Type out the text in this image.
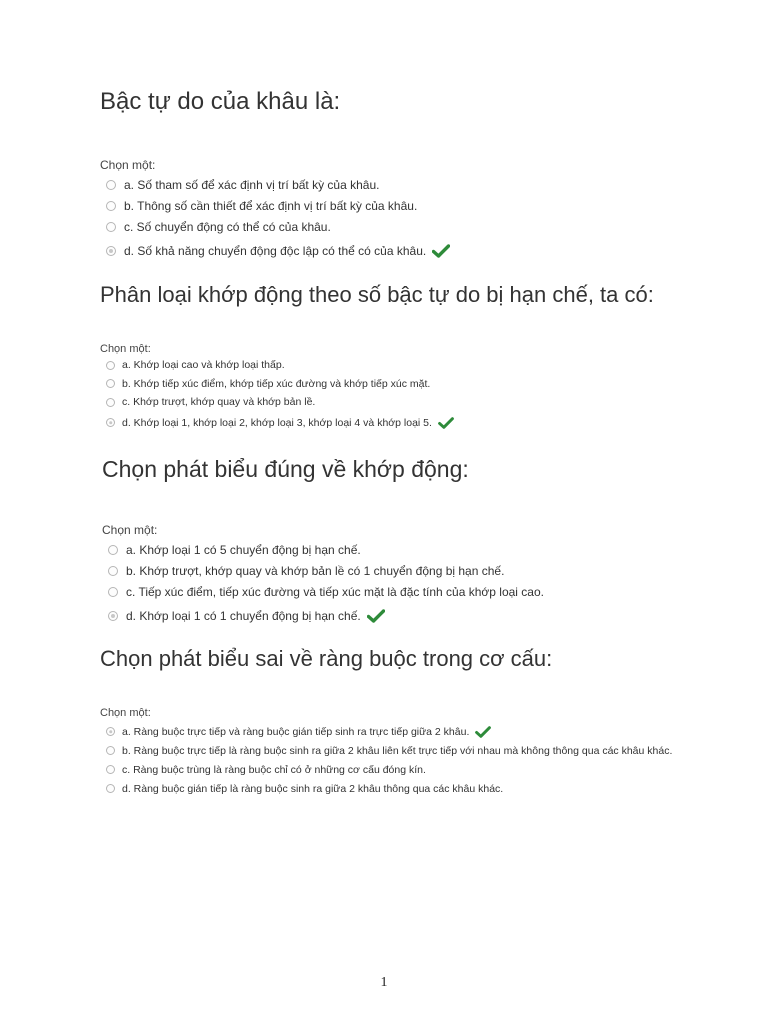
Bậc tự do của khâu là:
Chọn một:
a. Số tham số để xác định vị trí bất kỳ của khâu.
b. Thông số cần thiết để xác định vị trí bất kỳ của khâu.
c. Số chuyển động có thể có của khâu.
d. Số khả năng chuyển động độc lập có thể có của khâu.
Phân loại khớp động theo số bậc tự do bị hạn chế, ta có:
Chọn một:
a. Khớp loại cao và khớp loại thấp.
b. Khớp tiếp xúc điểm, khớp tiếp xúc đường và khớp tiếp xúc mặt.
c. Khớp trượt, khớp quay và khớp bản lề.
d. Khớp loại 1, khớp loại 2, khớp loại 3, khớp loại 4 và khớp loại 5.
Chọn phát biểu đúng về khớp động:
Chọn một:
a. Khớp loại 1 có 5 chuyển động bị hạn chế.
b. Khớp trượt, khớp quay và khớp bản lề có 1 chuyển động bị hạn chế.
c. Tiếp xúc điểm, tiếp xúc đường và tiếp xúc mặt là đặc tính của khớp loại cao.
d. Khớp loại 1 có 1 chuyển động bị hạn chế.
Chọn phát biểu sai về ràng buộc trong cơ cấu:
Chọn một:
a. Ràng buộc trực tiếp và ràng buộc gián tiếp sinh ra trực tiếp giữa 2 khâu.
b. Ràng buộc trực tiếp là ràng buộc sinh ra giữa 2 khâu liên kết trực tiếp với nhau mà không thông qua các khâu khác.
c. Ràng buộc trùng là ràng buộc chỉ có ở những cơ cấu đóng kín.
d. Ràng buộc gián tiếp là ràng buộc sinh ra giữa 2 khâu thông qua các khâu khác.
1
